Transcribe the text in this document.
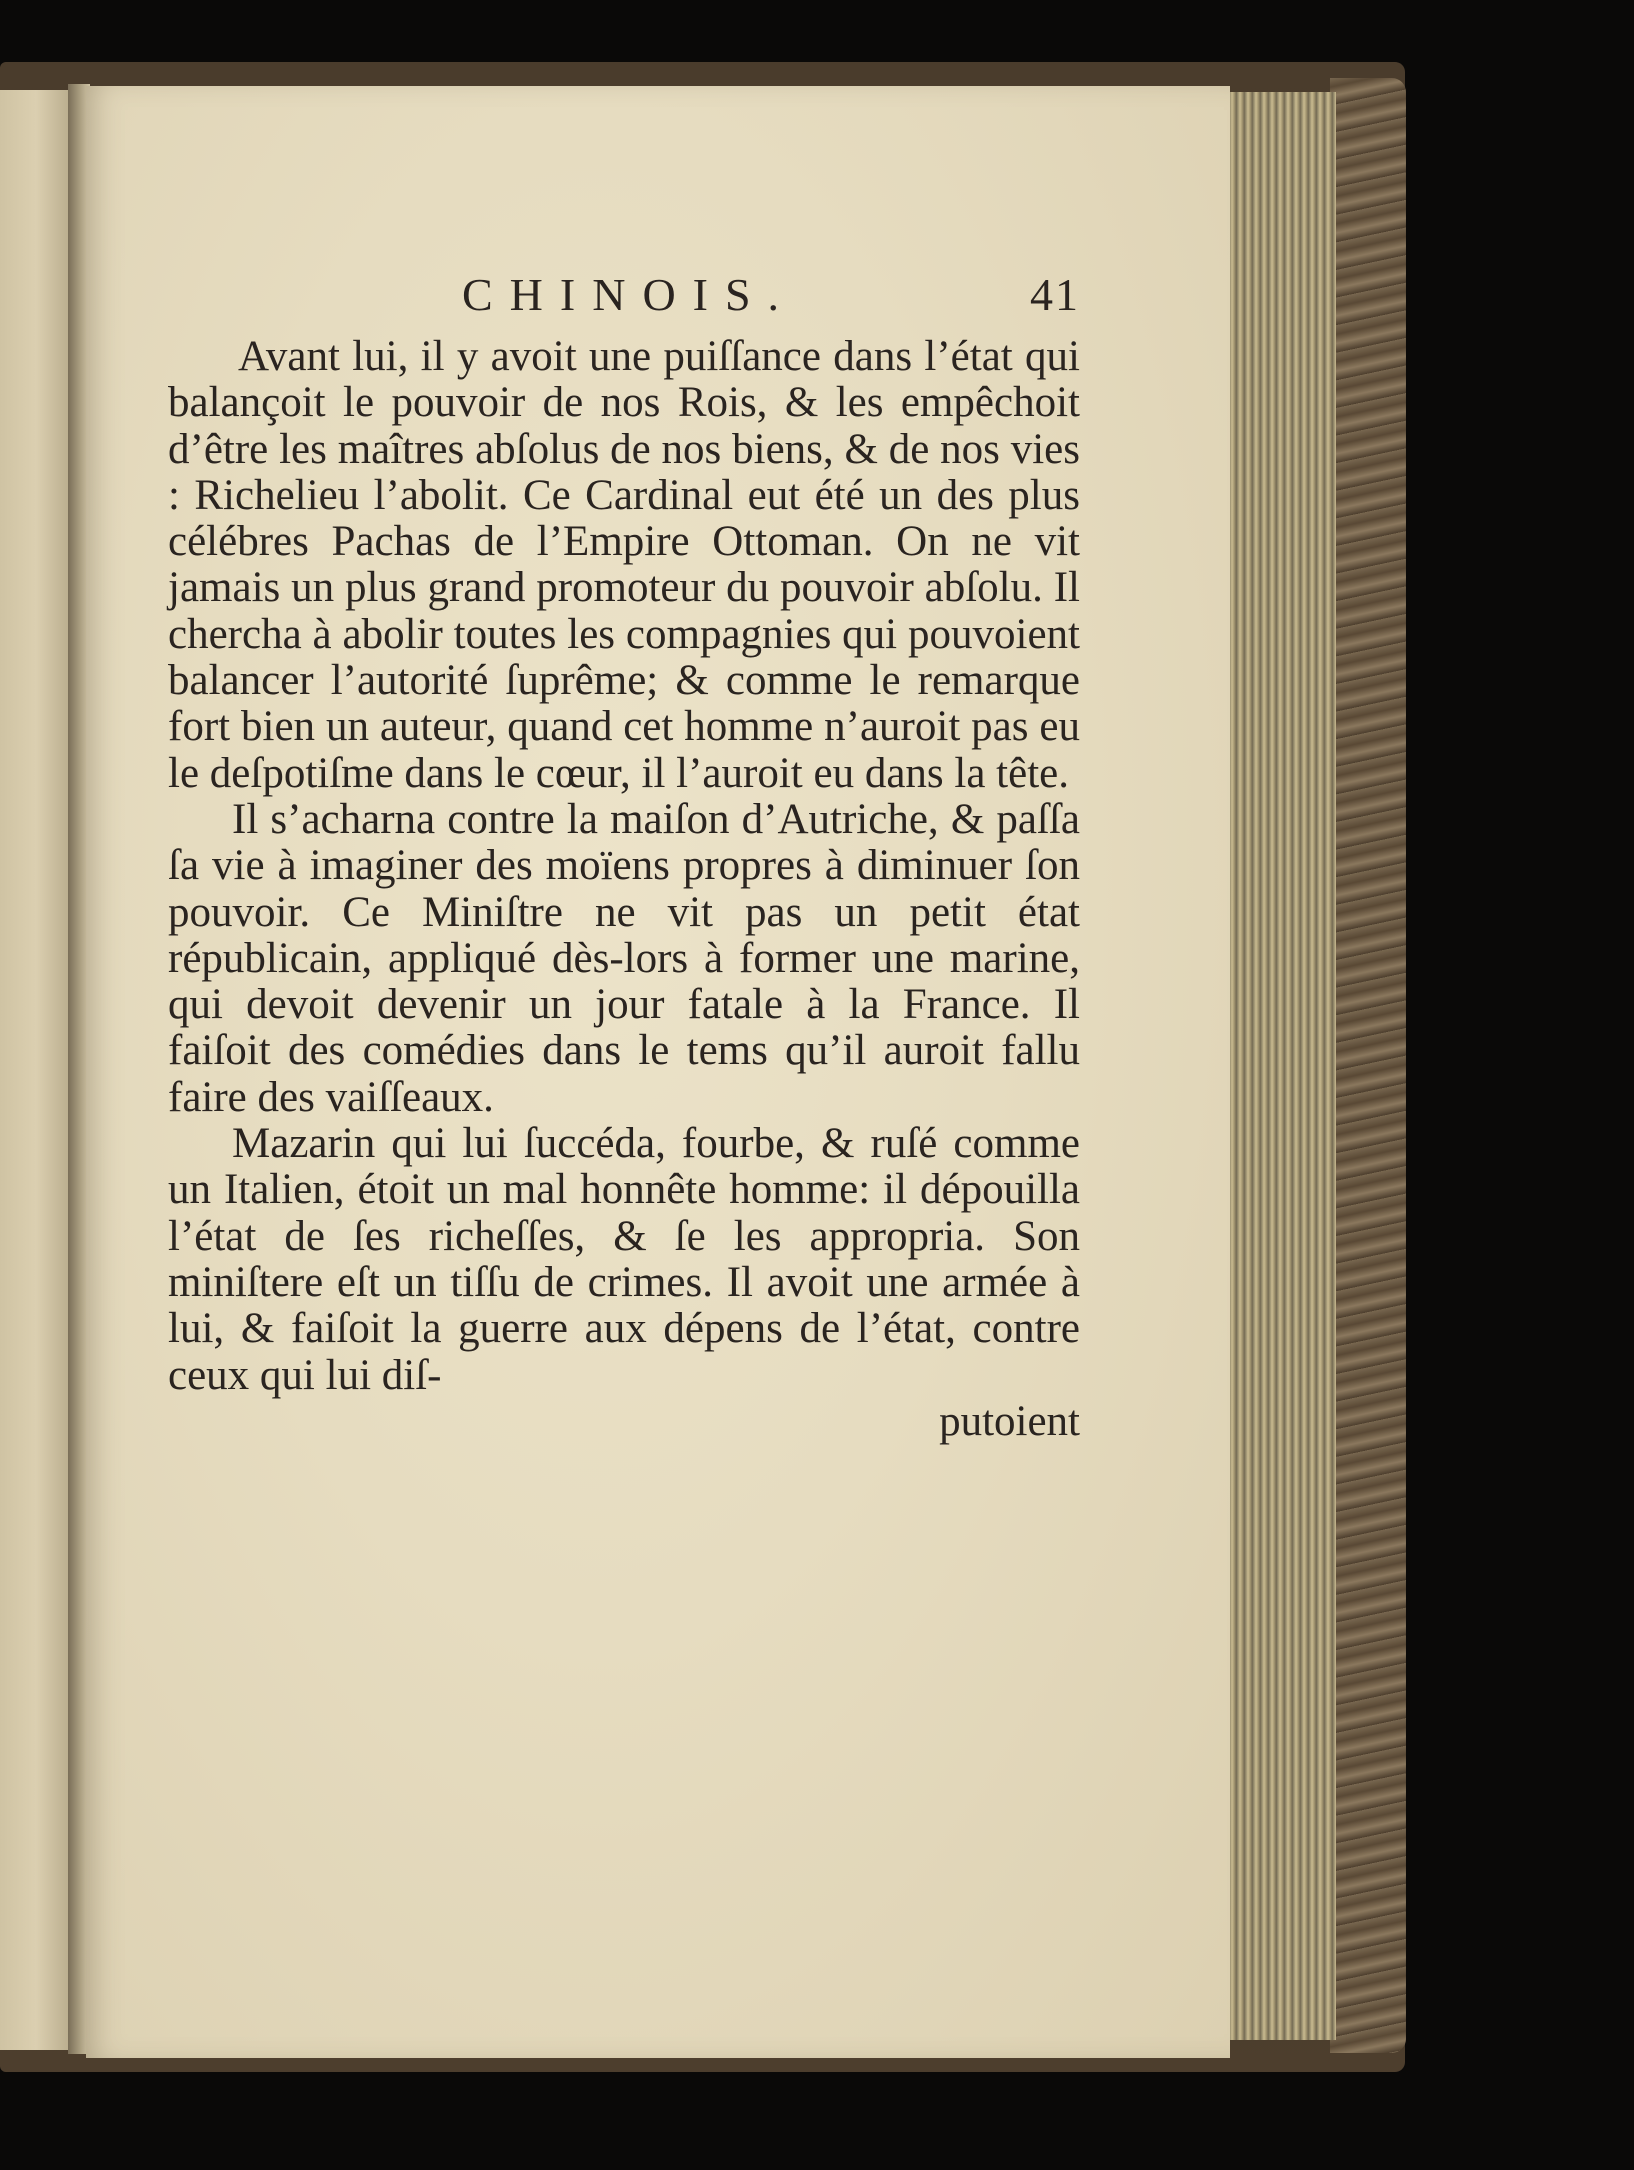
CHINOIS.	41

Avant lui, il y avoit une puiſſance dans l’état qui balançoit le pouvoir de nos Rois, & les empêchoit d’être les maîtres abſolus de nos biens, & de nos vies : Richelieu l’abolit. Ce Cardinal eut été un des plus célébres Pachas de l’Empire Ottoman. On ne vit jamais un plus grand promoteur du pouvoir abſolu. Il chercha à abolir toutes les compagnies qui pouvoient balancer l’autorité ſuprême; & comme le remarque fort bien un auteur, quand cet homme n’auroit pas eu le deſpotiſme dans le cœur, il l’auroit eu dans la tête.

Il s’acharna contre la maiſon d’Autriche, & paſſa ſa vie à imaginer des moïens propres à diminuer ſon pouvoir. Ce Miniſtre ne vit pas un petit état républicain, appliqué dès-lors à former une marine, qui devoit devenir un jour fatale à la France. Il faiſoit des comédies dans le tems qu’il auroit fallu faire des vaiſſeaux.

Mazarin qui lui ſuccéda, fourbe, & ruſé comme un Italien, étoit un mal honnête homme: il dépouilla l’état de ſes richeſſes, & ſe les appropria. Son miniſtere eſt un tiſſu de crimes. Il avoit une armée à lui, & faiſoit la guerre aux dépens de l’état, contre ceux qui lui diſ-

putoient
